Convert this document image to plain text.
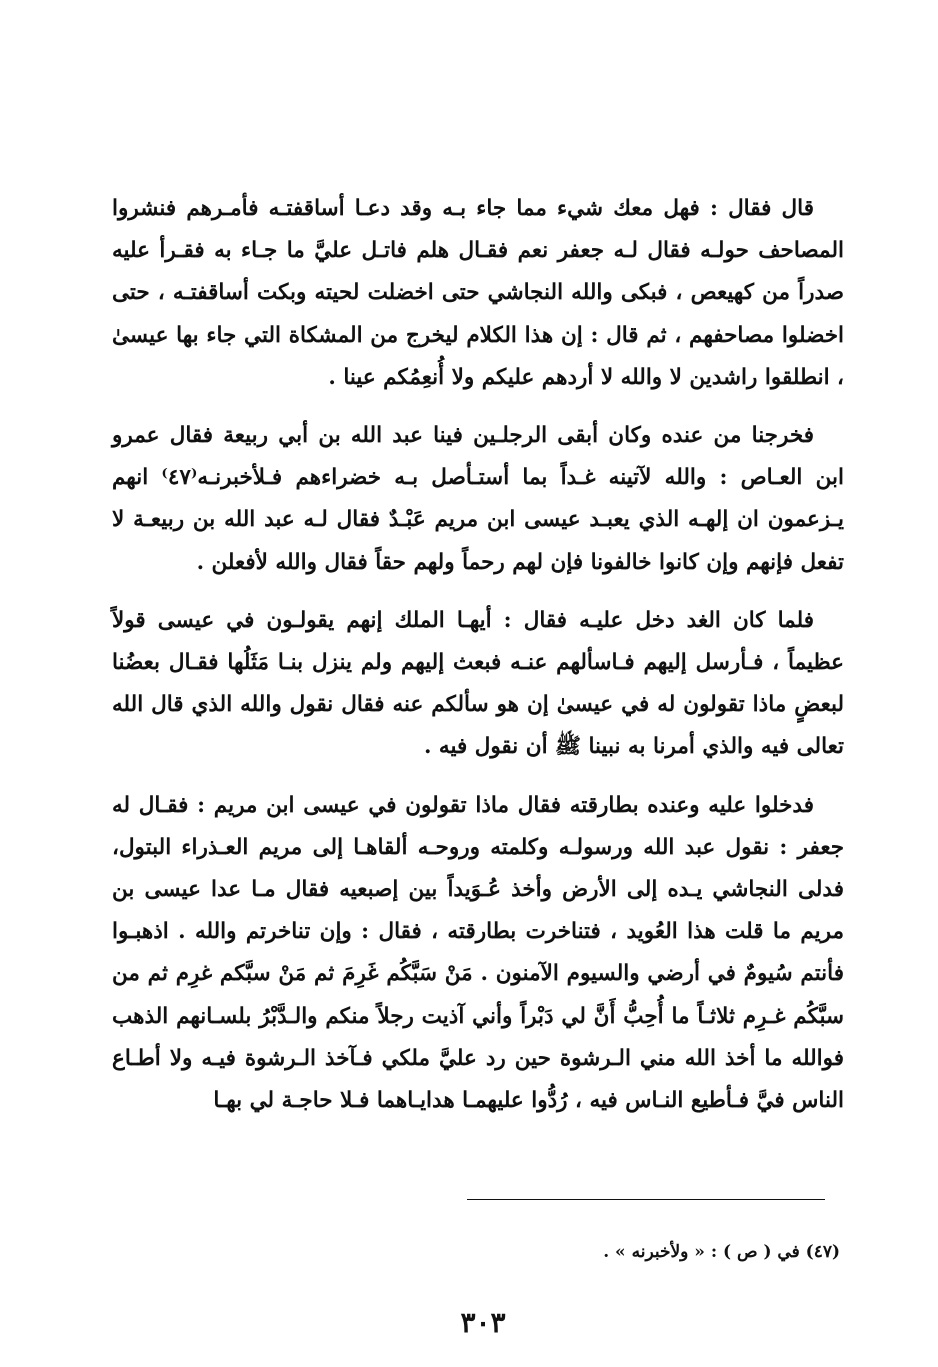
قال فقال : فهل معك شيء مما جاء بـه وقد دعـا أساقفتـه فأمـرهم فنشروا المصاحف حولـه فقال لـه جعفر نعم فقـال هلم فاتـل عليَّ ما جـاء به فقـرأ عليه صدراً من كهيعص ، فبكى والله النجاشي حتى اخضلت لحيته وبكت أساقفتـه ، حتى اخضلوا مصاحفهم ، ثم قال : إن هذا الكلام ليخرج من المشكاة التي جاء بها عيسىٰ ، انطلقوا راشدين لا والله لا أردهم عليكم ولا أُنعِمُكم عينا .

فخرجنا من عنده وكان أبقى الرجلـين فينا عبد الله بن أبي ربيعة فقال عمرو ابن العـاص : والله لآتينه غـداً بما أستـأصل بـه خضراءهم فـلأخبرنـه⁽٤٧⁾ انهم يـزعمون ان إلهـه الذي يعبـد عيسى ابن مريم عَبْـدٌ فقال لـه عبد الله بن ربيعـة لا تفعل فإنهم وإن كانوا خالفونا فإن لهم رحماً ولهم حقاً فقال والله لأفعلن .

فلما كان الغد دخل عليـه فقال : أيهـا الملك إنهم يقولـون في عيسى قولاً عظيماً ، فـأرسل إليهم فـاسألهم عنـه فبعث إليهم ولم ينزل بنـا مَثَلُها فقـال بعضُنا لبعضٍ ماذا تقولون له في عيسىٰ إن هو سألكم عنه فقال نقول والله الذي قال الله تعالى فيه والذي أمرنا به نبينا ﷺ أن نقول فيه .

فدخلوا عليه وعنده بطارقته فقال ماذا تقولون في عيسى ابن مريم : فقـال له جعفر : نقول عبد الله ورسولـه وكلمته وروحـه ألقاهـا إلى مريم العـذراء البتول، فدلى النجاشي يـده إلى الأرض وأخذ عُـوَيداً بين إصبعيه فقال مـا عدا عيسى بن مريم ما قلت هذا العُويد ، فتناخرت بطارقته ، فقال : وإن تناخرتم والله . اذهبـوا فأنتم سُيومٌ في أرضي والسيوم الآمنون . مَنْ سَبَّكُم غَرِمَ ثم مَنْ سبَّكم غرِم ثم من سبَّكُم غـرِم ثلاثـاً ما أُحِبُّ أَنَّ لي دَبْراً وأني آذيت رجلاً منكم والـدَّبْرُ بلسـانهم الذهب فوالله ما أخذ الله مني الـرشوة حين رد عليَّ ملكي فـآخذ الـرشوة فيـه ولا أطـاع الناس فيَّ فـأطيع النـاس فيه ، رُدُّوا عليهمـا هدايـاهما فـلا حاجـة لي بهـا

(٤٧) في ( ص ) : « ولأخبرنه » .
٣٠٣
